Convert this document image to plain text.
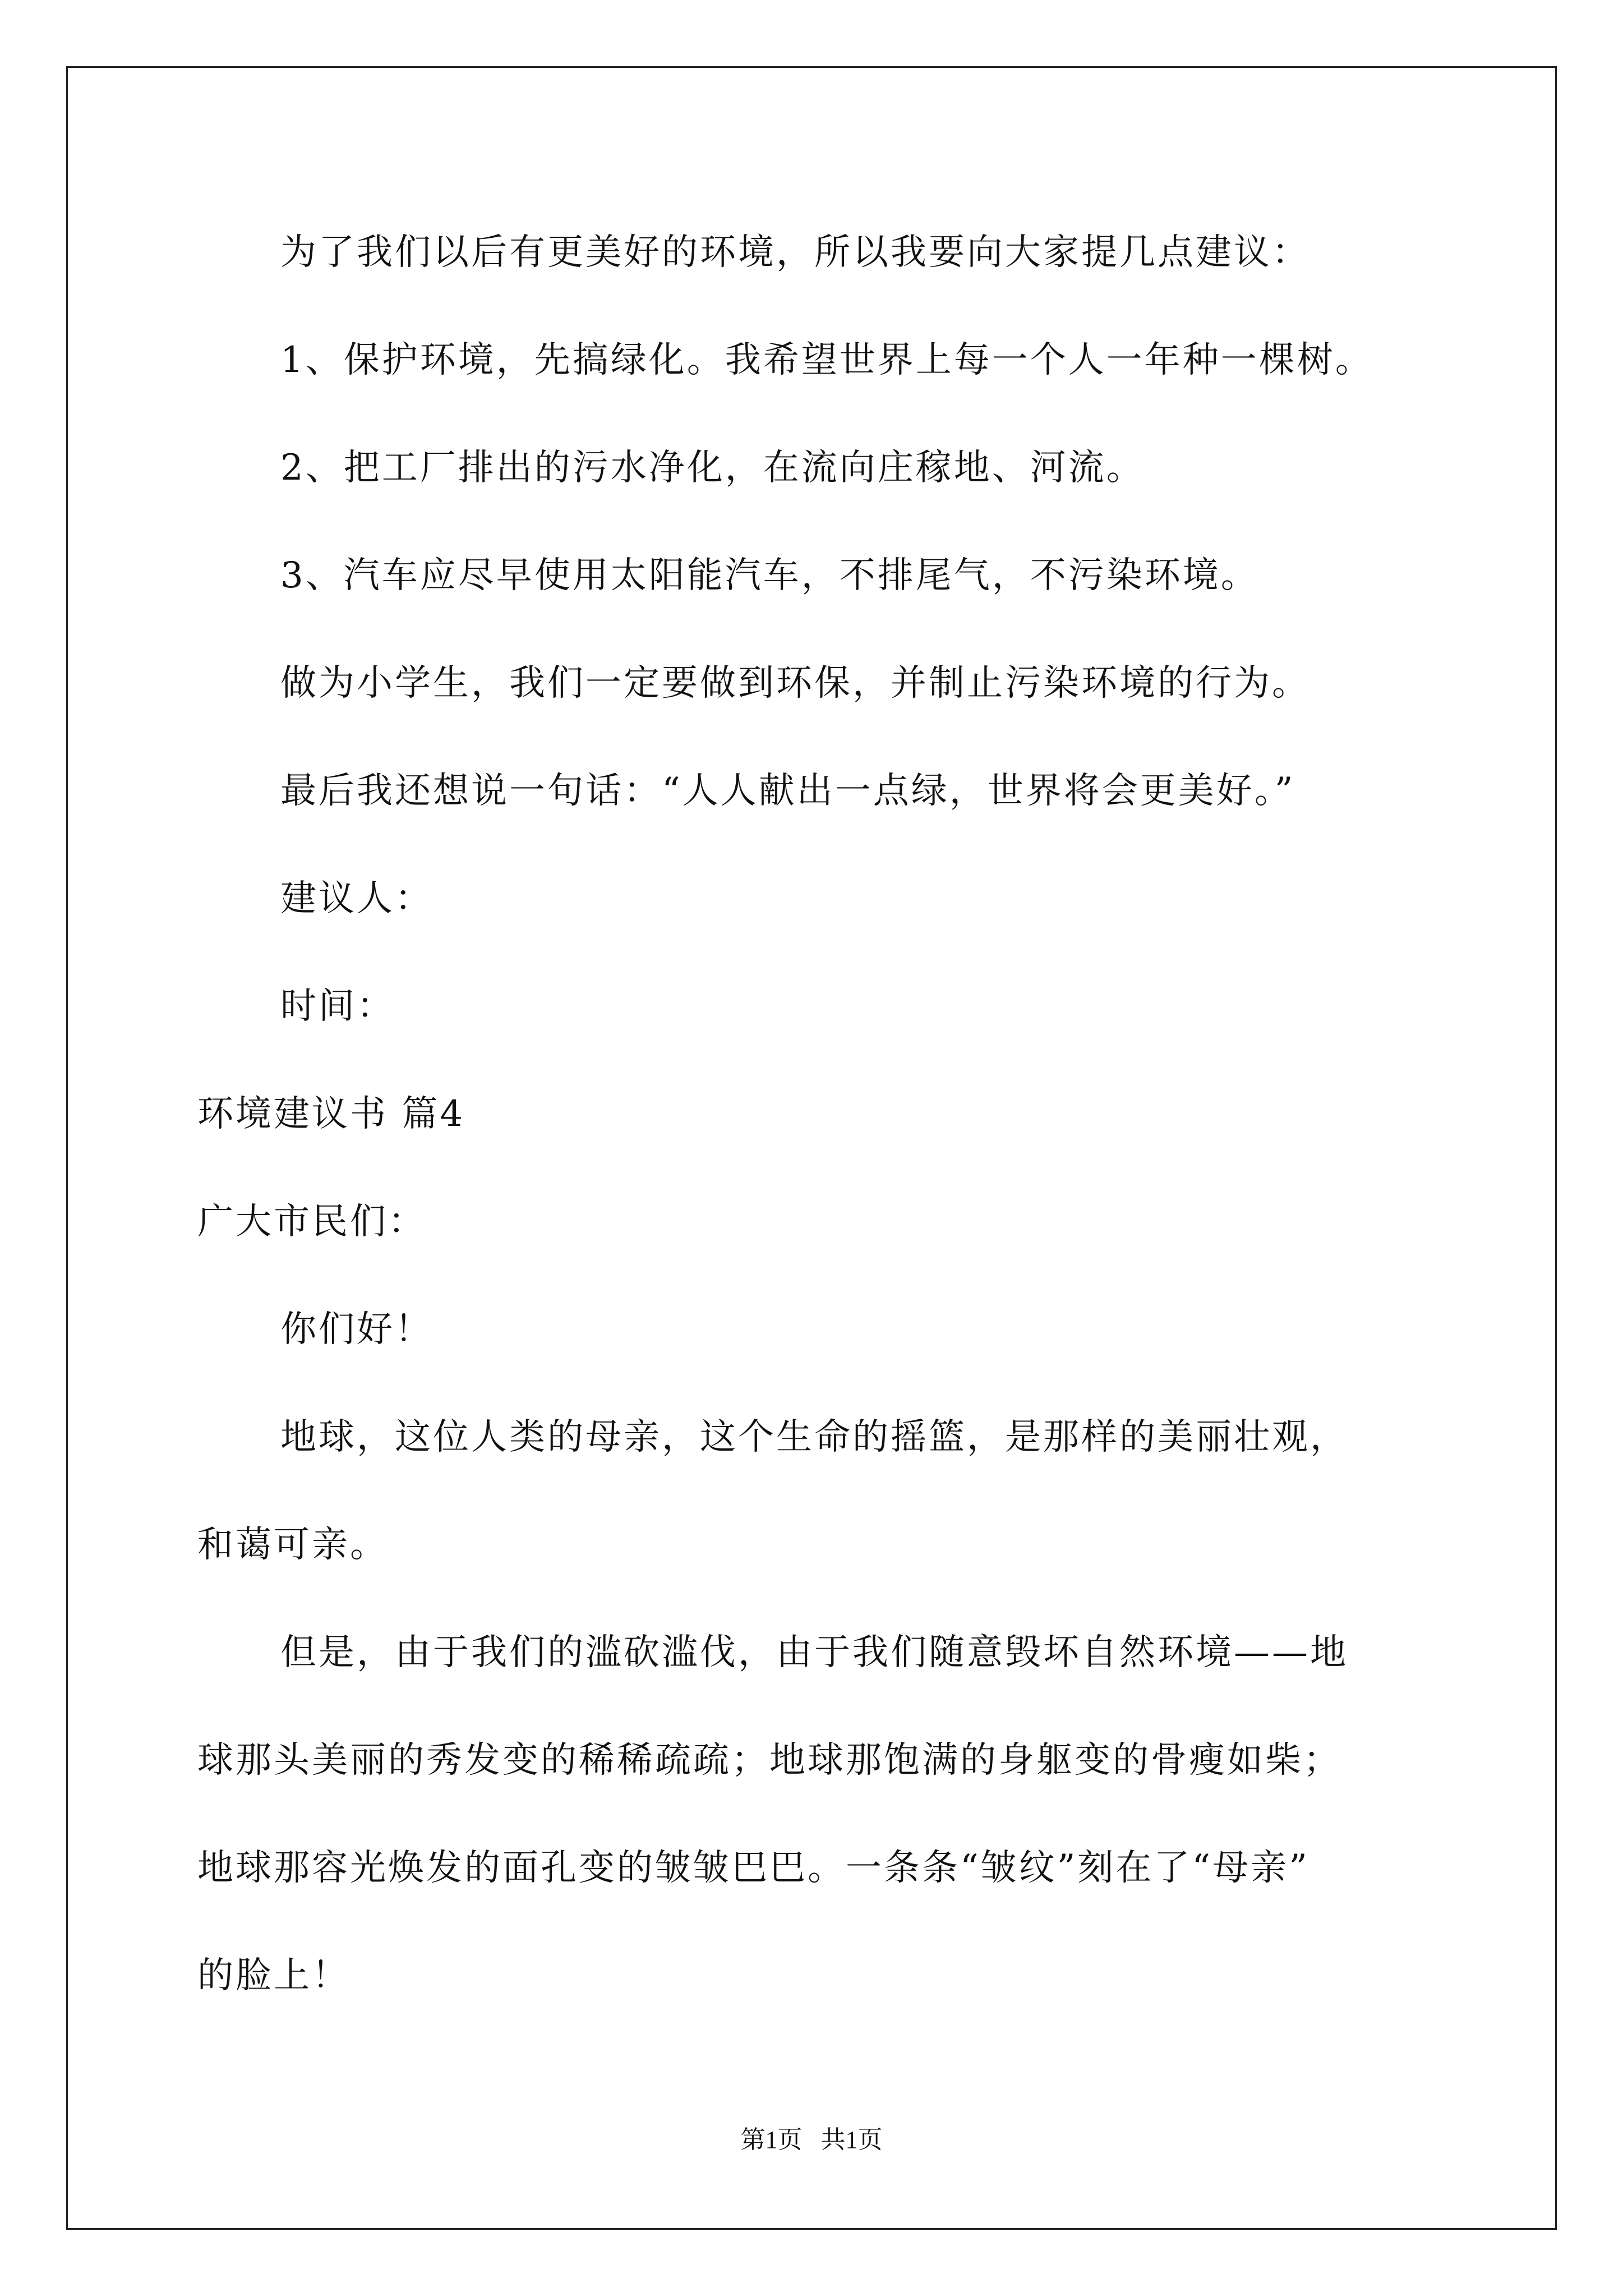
为了我们以后有更美好的环境，所以我要向大家提几点建议：
1、保护环境，先搞绿化。我希望世界上每一个人一年种一棵树。
2、把工厂排出的污水净化，在流向庄稼地、河流。
3、汽车应尽早使用太阳能汽车，不排尾气，不污染环境。
做为小学生，我们一定要做到环保，并制止污染环境的行为。
最后我还想说一句话：“人人献出一点绿，世界将会更美好。”
建议人：
时间：
环境建议书 篇4
广大市民们：
你们好！
地球，这位人类的母亲，这个生命的摇篮，是那样的美丽壮观，
和蔼可亲。
但是，由于我们的滥砍滥伐，由于我们随意毁坏自然环境——地
球那头美丽的秀发变的稀稀疏疏；地球那饱满的身躯变的骨瘦如柴；
地球那容光焕发的面孔变的皱皱巴巴。一条条“皱纹”刻在了“母亲”
的脸上！
第1页   共1页
